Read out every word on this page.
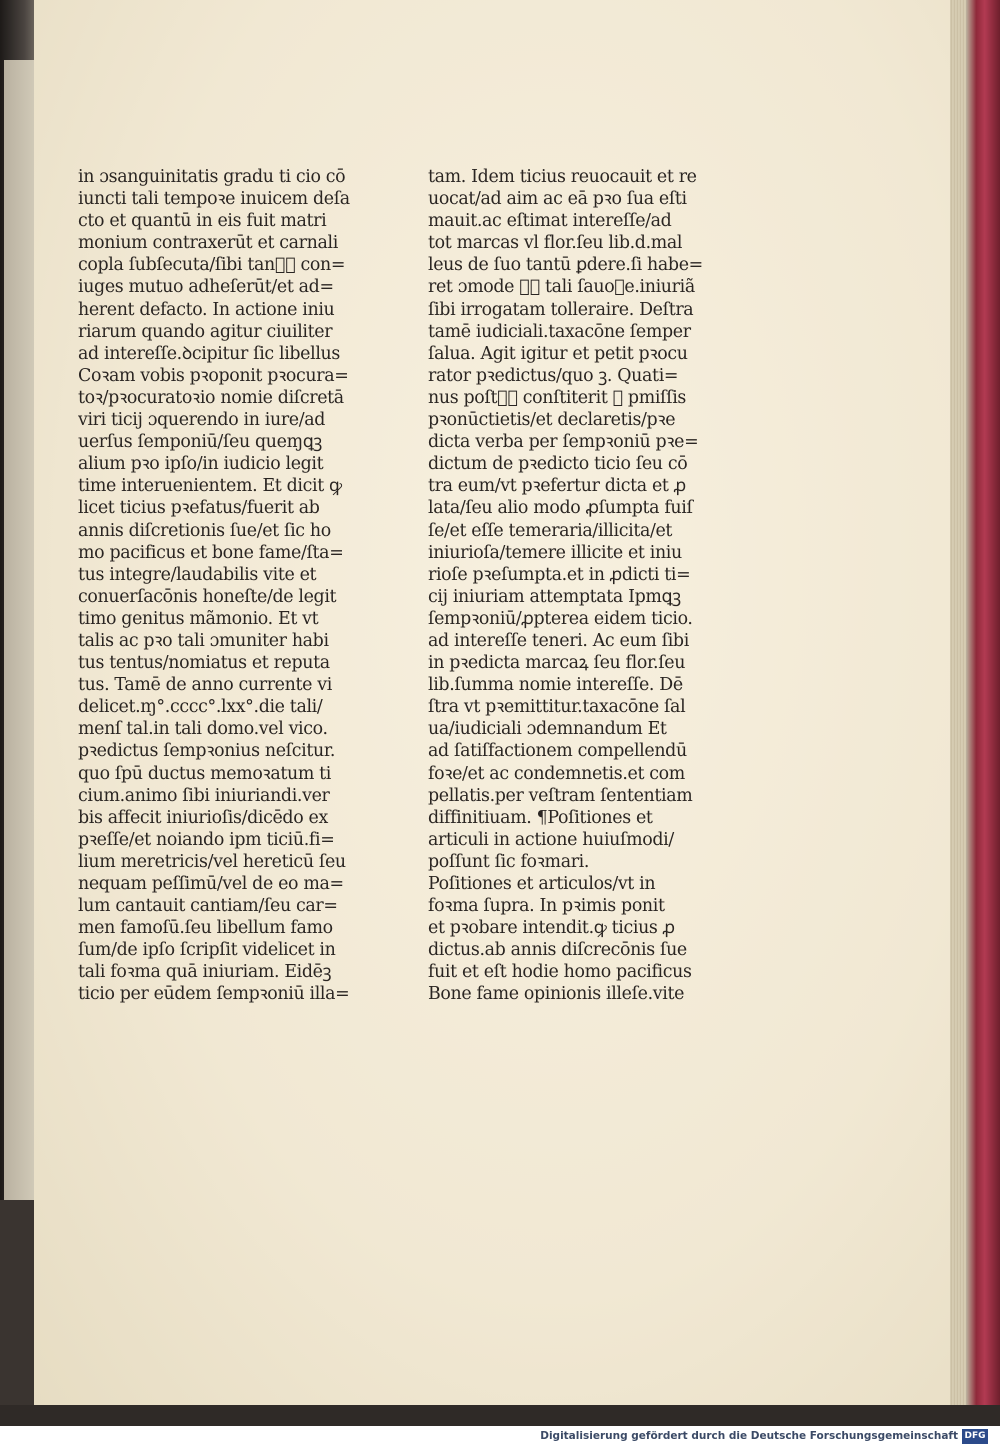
in ɔsanguinitatis gradu ti cio cō
iuncti tali tempoꝛe inuicem deſa
cto et quantū in eis fuit matri
monium contraxerūt et carnali
copla ſubſecuta/ſibi tanꝗ᷑ con=
iuges mutuo adheſerūt/et ad=
herent defacto. In actione iniu
riarum quando agitur ciuiliter
ad intereſſe.ꝺcipitur ſic libellus
Coꝛam vobis pꝛoponit pꝛocura=
toꝛ/pꝛocuratoꝛio nomie diſcretā
viri ticij ɔquerendo in iure/ad
uerſus ſemponiū/ſeu queɱꝗꝫ
alium pꝛo ipſo/in iudicio legit
time interuenientem. Et dicit ꝙ
licet ticius pꝛefatus/fuerit ab
annis diſcretionis ſue/et ſic ho
mo pacificus et bone fame/ſta=
tus integre/laudabilis vite et
conuerſacōnis honeſte/de legit
timo genitus mãmonio. Et vt
talis ac pꝛo tali ɔmuniter habi
tus tentus/nomiatus et reputa
tus. Tamē de anno currente vi
delicet.ɱ°.cccc°.lxx°.die tali/
menſ tal.in tali domo.vel vico.
pꝛedictus ſempꝛonius neſcitur.
quo ſpū ductus memoꝛatum ti
cium.animo ſibi iniuriandi.ver
bis affecit iniurioſis/dicēdo ex
pꝛeſſe/et noiando ipm ticiū.fi=
lium meretricis/vel hereticū ſeu
nequam peſſimū/vel de eo ma=
lum cantauit cantiam/ſeu car=
men famoſū.ſeu libellum famo
ſum/de ipſo ſcripſit videlicet in
tali foꝛma quā iniuriam. Eidēꝫ
ticio per eūdem ſempꝛoniū illa=
tam. Idem ticius reuocauit et re
uocat/ad aim ac eā pꝛo ſua eſti
mauit.ac eſtimat intereſſe/ad
tot marcas vl flor.ſeu lib.d.mal
leus de ſuo tantū ꝑdere.ſi habe=
ret ɔmode ꝗ᷑ tali ſauoꝛe.iniuriã
ſibi irrogatam tolleraire. Deſtra
tamē iudiciali.taxacōne ſemper
ſalua. Agit igitur et petit pꝛocu
rator pꝛedictus/quo ꝫ. Quati=
nus poſtꝗ᷑ conſtiterit ꝺ pmiſſis
pꝛonūctietis/et declaretis/pꝛe
dicta verba per ſempꝛoniū pꝛe=
dictum de pꝛedicto ticio ſeu cō
tra eum/vt pꝛefertur dicta et ꝓ
lata/ſeu alio modo ꝓſumpta fuiſ
ſe/et eſſe temeraria/illicita/et
iniurioſa/temere illicite et iniu
rioſe pꝛeſumpta.et in ꝓdicti ti=
cij iniuriam attemptata Ipmꝗꝫ
ſempꝛoniū/ꝓpterea eidem ticio.
ad intereſſe teneri. Ac eum ſibi
in pꝛedicta marcaꝝ ſeu flor.ſeu
lib.ſumma nomie intereſſe. Dē
ſtra vt pꝛemittitur.taxacōne ſal
ua/iudiciali ɔdemnandum Et
ad ſatiſfactionem compellendū
foꝛe/et ac condemnetis.et com
pellatis.per veſtram ſententiam
diffinitiuam. ¶Poſitiones et
articuli in actione huiuſmodi/
poſſunt ſic foꝛmari.
Poſitiones et articulos/vt in
foꝛma ſupra. In pꝛimis ponit
et pꝛobare intendit.ꝙ ticius ꝓ
dictus.ab annis diſcrecōnis ſue
fuit et eſt hodie homo pacificus
Bone fame opinionis illeſe.vite
Digitalisierung gefördert durch die Deutsche Forschungsgemeinschaft DFG
